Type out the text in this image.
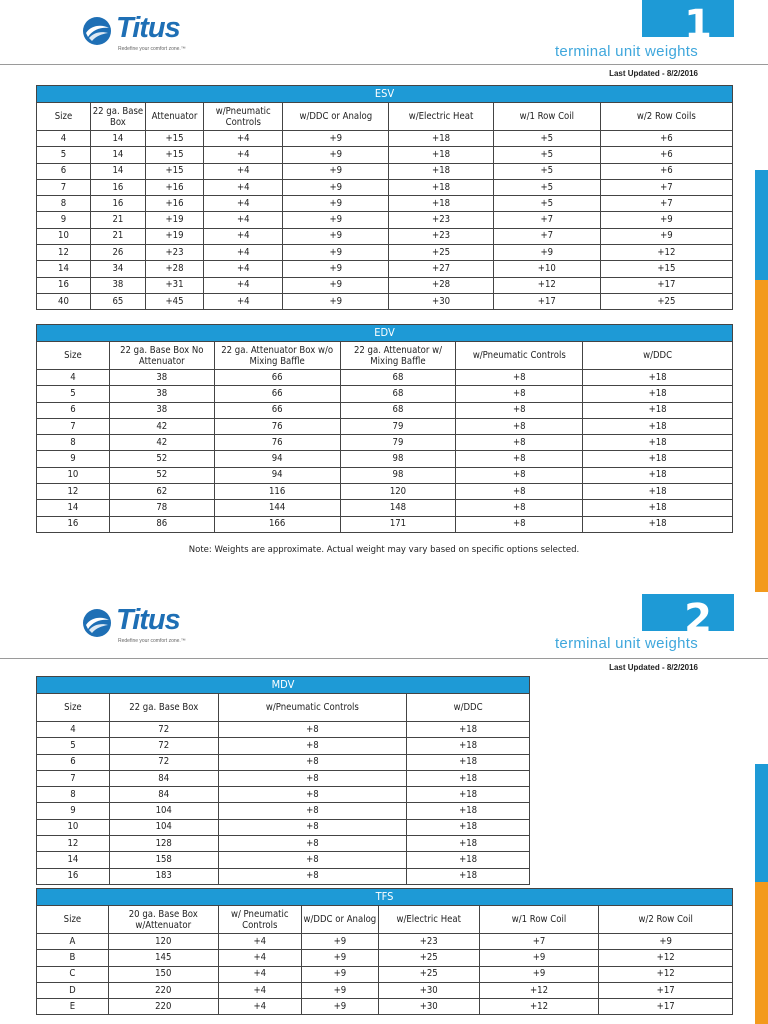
Titus
Redefine your comfort zone.™
1
terminal unit weights
Last Updated - 8/2/2016
ESV							
Size	22 ga. Base Box	Attenuator	w/Pneumatic Controls	w/DDC or Analog	w/Electric Heat	w/1 Row Coil	w/2 Row Coils
4	14	+15	+4	+9	+18	+5	+6
5	14	+15	+4	+9	+18	+5	+6
6	14	+15	+4	+9	+18	+5	+6
7	16	+16	+4	+9	+18	+5	+7
8	16	+16	+4	+9	+18	+5	+7
9	21	+19	+4	+9	+23	+7	+9
10	21	+19	+4	+9	+23	+7	+9
12	26	+23	+4	+9	+25	+9	+12
14	34	+28	+4	+9	+27	+10	+15
16	38	+31	+4	+9	+28	+12	+17
40	65	+45	+4	+9	+30	+17	+25
EDV					
Size	22 ga. Base Box No Attenuator	22 ga. Attenuator Box w/o Mixing Baffle	22 ga. Attenuator w/ Mixing Baffle	w/Pneumatic Controls	w/DDC
4	38	66	68	+8	+18
5	38	66	68	+8	+18
6	38	66	68	+8	+18
7	42	76	79	+8	+18
8	42	76	79	+8	+18
9	52	94	98	+8	+18
10	52	94	98	+8	+18
12	62	116	120	+8	+18
14	78	144	148	+8	+18
16	86	166	171	+8	+18
Note: Weights are approximate. Actual weight may vary based on specific options selected.
Titus
Redefine your comfort zone.™	2
terminal unit weights
Last Updated - 8/2/2016
MDV			
Size	22 ga. Base Box	w/Pneumatic Controls	w/DDC
4	72	+8	+18
5	72	+8	+18
6	72	+8	+18
7	84	+8	+18
8	84	+8	+18
9	104	+8	+18
10	104	+8	+18
12	128	+8	+18
14	158	+8	+18
16	183	+8	+18
TFS						
Size	20 ga. Base Box w/Attenuator	w/ Pneumatic Controls	w/DDC or Analog	w/Electric Heat	w/1 Row Coil	w/2 Row Coil
A	120	+4	+9	+23	+7	+9
B	145	+4	+9	+25	+9	+12
C	150	+4	+9	+25	+9	+12
D	220	+4	+9	+30	+12	+17
E	220	+4	+9	+30	+12	+17
